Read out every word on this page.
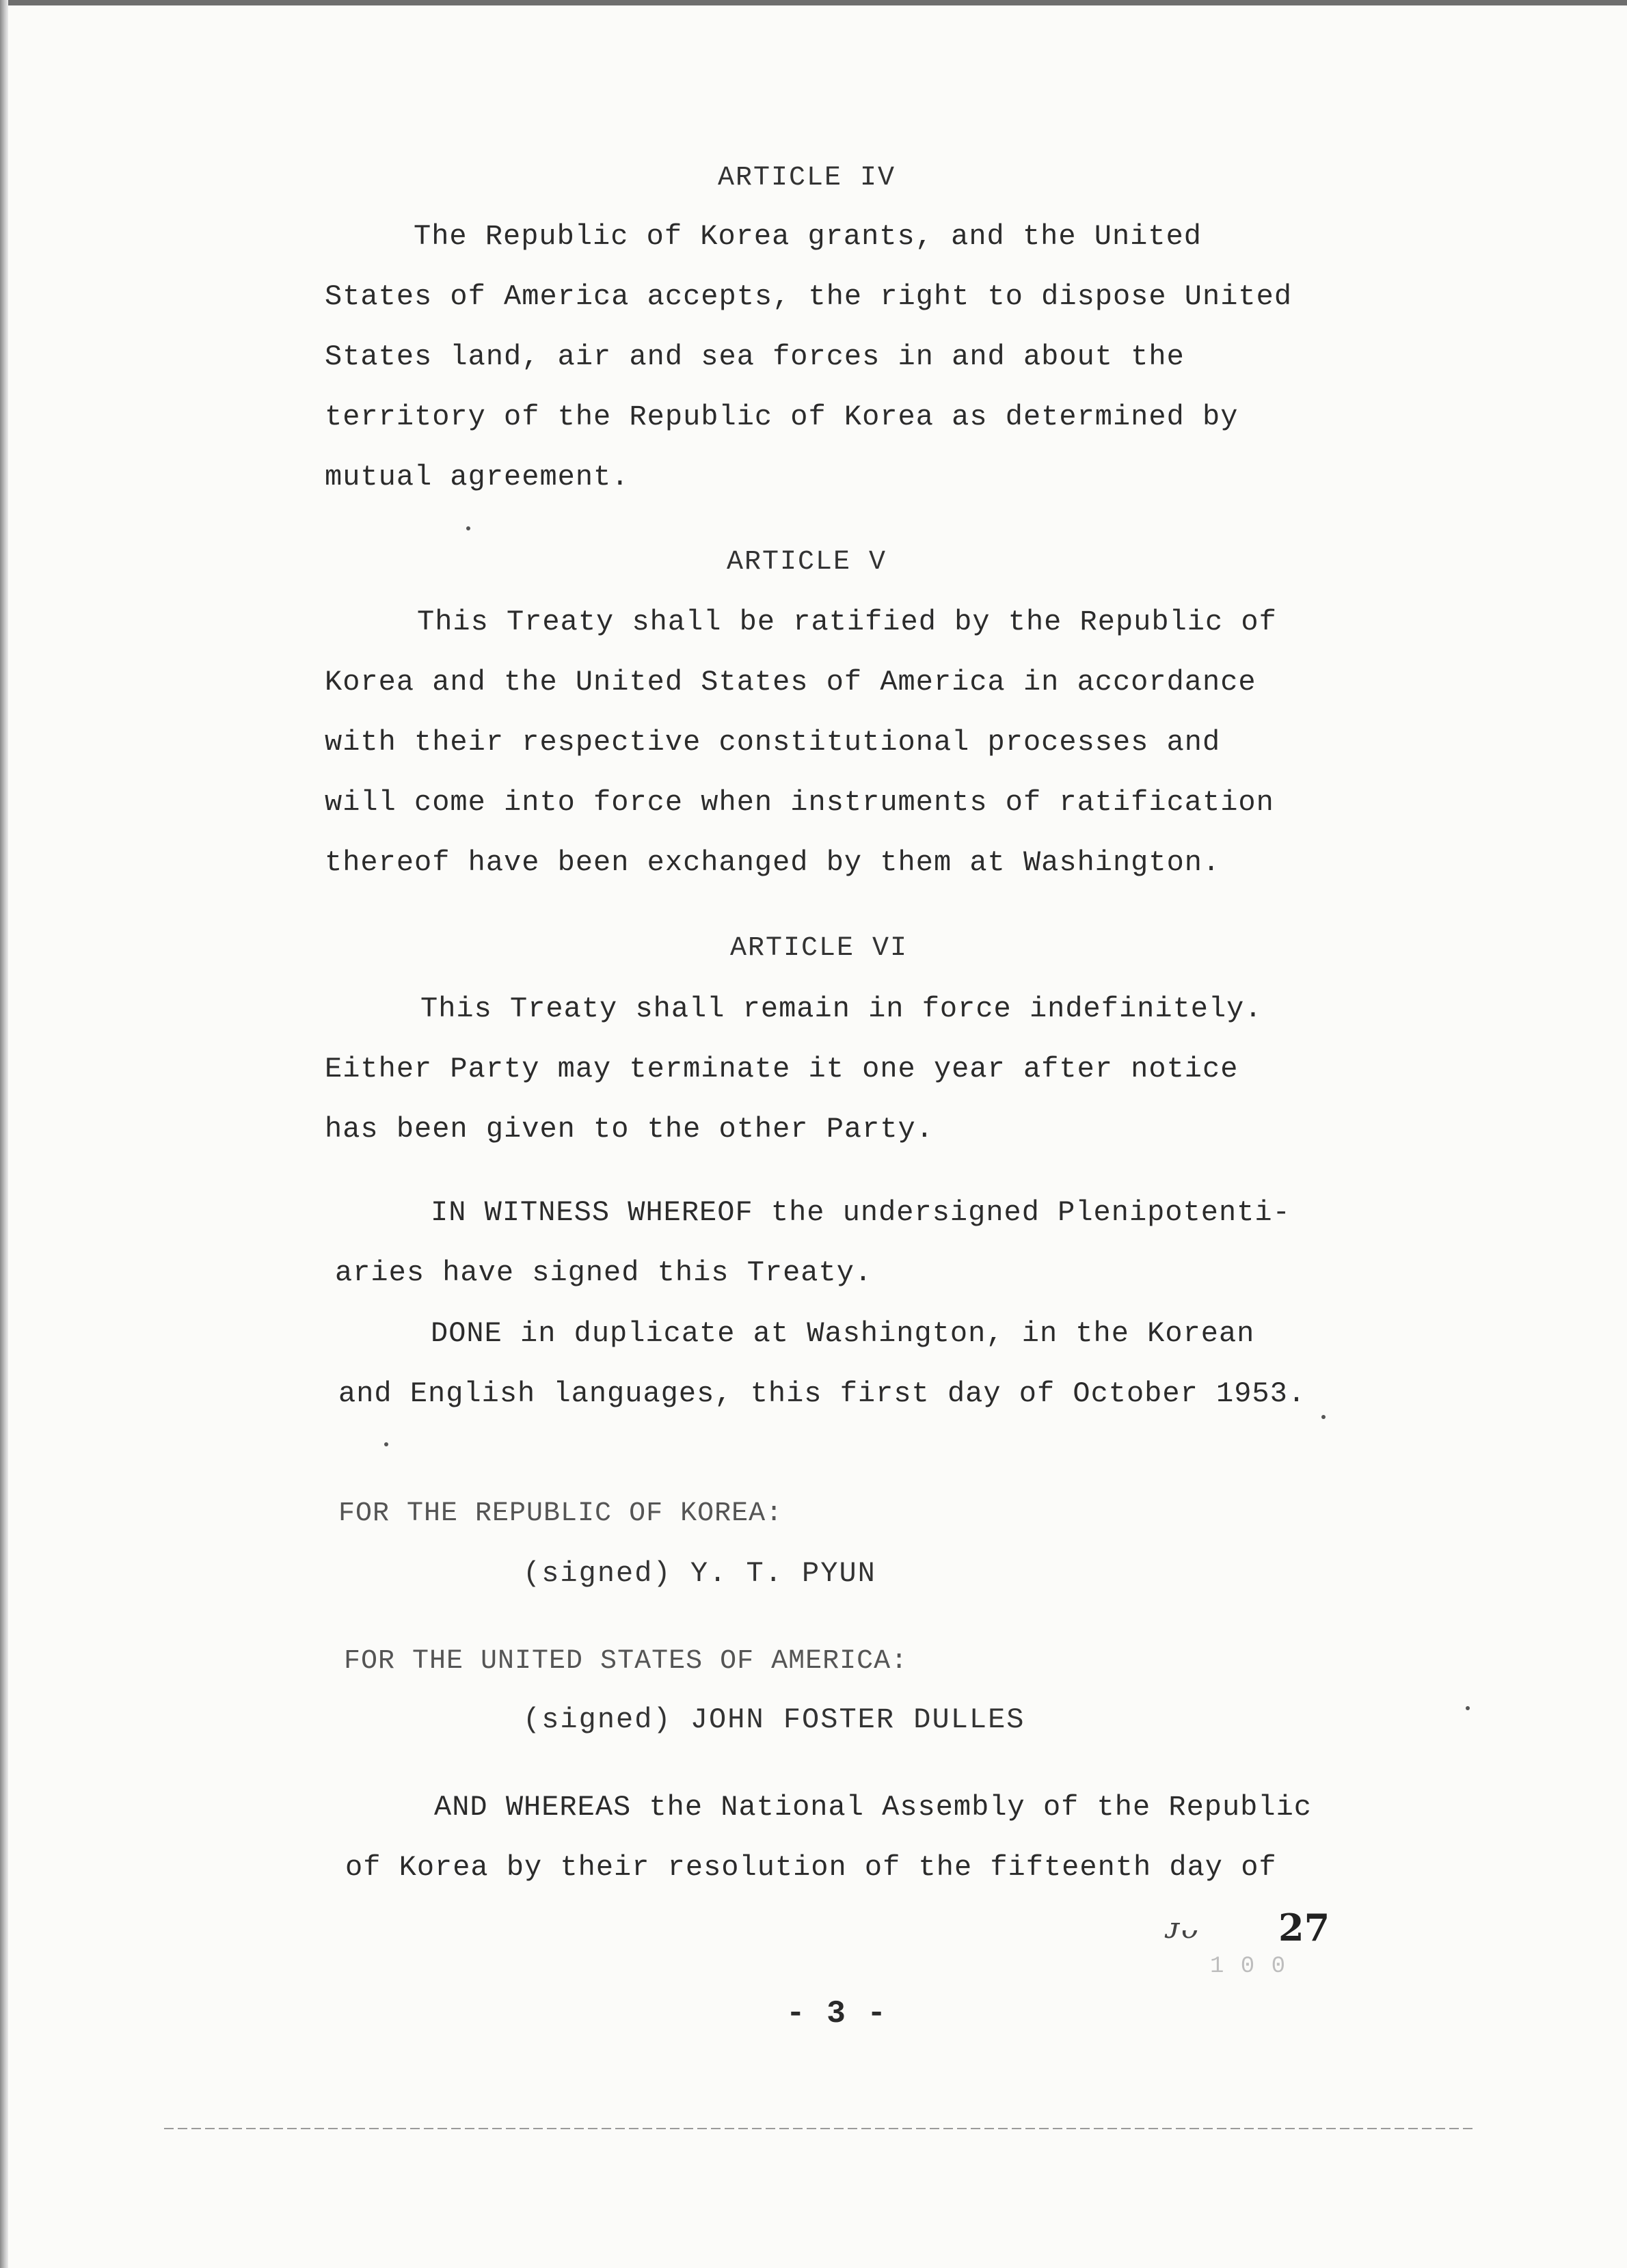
ARTICLE IV
The Republic of Korea grants, and the United
States of America accepts, the right to dispose United
States land, air and sea forces in and about the
territory of the Republic of Korea as determined by
mutual agreement.
ARTICLE V
This Treaty shall be ratified by the Republic of
Korea and the United States of America in accordance
with their respective constitutional processes and
will come into force when instruments of ratification
thereof have been exchanged by them at Washington.
ARTICLE VI
This Treaty shall remain in force indefinitely.
Either Party may terminate it one year after notice
has been given to the other Party.
IN WITNESS WHEREOF the undersigned Plenipotenti-
aries have signed this Treaty.
DONE in duplicate at Washington, in the Korean
and English languages, this first day of October 1953.
FOR THE REPUBLIC OF KOREA:
(signed) Y. T. PYUN
FOR THE UNITED STATES OF AMERICA:
(signed) JOHN FOSTER DULLES
AND WHEREAS the National Assembly of the Republic
of Korea by their resolution of the fifteenth day of
ᴊᴗ 27
1 0 0
- 3 -
